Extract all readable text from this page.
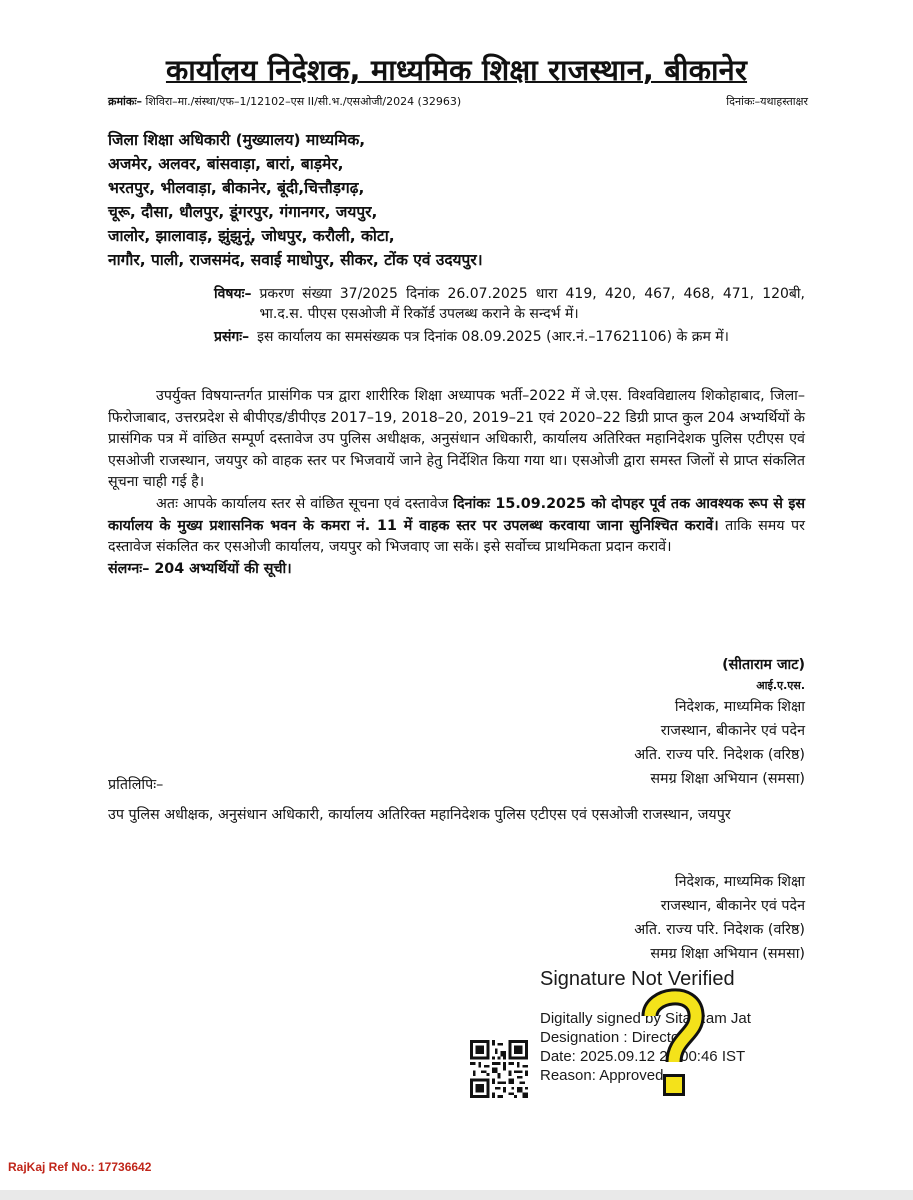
कार्यालय निदेशक, माध्यमिक शिक्षा राजस्थान, बीकानेर
क्रमांकः– शिविरा–मा./संस्था/एफ–1/12102–एस II/सी.भ./एसओजी/2024 (32963)	दिनांकः–यथाहस्ताक्षर
जिला शिक्षा अधिकारी (मुख्यालय) माध्यमिक,
अजमेर, अलवर, बांसवाड़ा, बारां, बाड़मेर,
भरतपुर, भीलवाड़ा, बीकानेर, बूंदी,चित्तौड़गढ़,
चूरू, दौसा, धौलपुर, डूंगरपुर, गंगानगर, जयपुर,
जालोर, झालावाड़, झुंझुनूं, जोधपुर, करौली, कोटा,
नागौर, पाली, राजसमंद, सवाई माधोपुर, सीकर, टोंक एवं उदयपुर।
विषयः– प्रकरण संख्या 37/2025 दिनांक 26.07.2025 धारा 419, 420, 467, 468, 471, 120बी, भा.द.स. पीएस एसओजी में रिकॉर्ड उपलब्ध कराने के सन्दर्भ में।
प्रसंगः– इस कार्यालय का समसंख्यक पत्र दिनांक 08.09.2025 (आर.नं.–17621106) के क्रम में।

उपर्युक्त विषयान्तर्गत प्रासंगिक पत्र द्वारा शारीरिक शिक्षा अध्यापक भर्ती–2022 में जे.एस. विश्वविद्यालय शिकोहाबाद, जिला–फिरोजाबाद, उत्तरप्रदेश से बीपीएड/डीपीएड 2017–19, 2018–20, 2019–21 एवं 2020–22 डिग्री प्राप्त कुल 204 अभ्यर्थियों के प्रासंगिक पत्र में वांछित सम्पूर्ण दस्तावेज उप पुलिस अधीक्षक, अनुसंधान अधिकारी, कार्यालय अतिरिक्त महानिदेशक पुलिस एटीएस एवं एसओजी राजस्थान, जयपुर को वाहक स्तर पर भिजवायें जाने हेतु निर्देशित किया गया था। एसओजी द्वारा समस्त जिलों से प्राप्त संकलित सूचना चाही गई है।

अतः आपके कार्यालय स्तर से वांछित सूचना एवं दस्तावेज दिनांकः 15.09.2025 को दोपहर पूर्व तक आवश्यक रूप से इस कार्यालय के मुख्य प्रशासनिक भवन के कमरा नं. 11 में वाहक स्तर पर उपलब्ध करवाया जाना सुनिश्चित करावें। ताकि समय पर दस्तावेज संकलित कर एसओजी कार्यालय, जयपुर को भिजवाए जा सकें। इसे सर्वोच्च प्राथमिकता प्रदान करावें।

संलग्नः– 204 अभ्यर्थियों की सूची।

(सीताराम जाट)
आई.ए.एस.
निदेशक, माध्यमिक शिक्षा
राजस्थान, बीकानेर एवं पदेन
अति. राज्य परि. निदेशक (वरिष्ठ)
समग्र शिक्षा अभियान (समसा)
प्रतिलिपिः–
उप पुलिस अधीक्षक, अनुसंधान अधिकारी, कार्यालय अतिरिक्त महानिदेशक पुलिस एटीएस एवं एसओजी राजस्थान, जयपुर
निदेशक, माध्यमिक शिक्षा
राजस्थान, बीकानेर एवं पदेन
अति. राज्य परि. निदेशक (वरिष्ठ)
समग्र शिक्षा अभियान (समसा)
Signature Not Verified
Digitally signed by Sita Ram Jat
Designation : Director
Date: 2025.09.12 21:00:46 IST
Reason: Approved
RajKaj Ref No.: 17736642
